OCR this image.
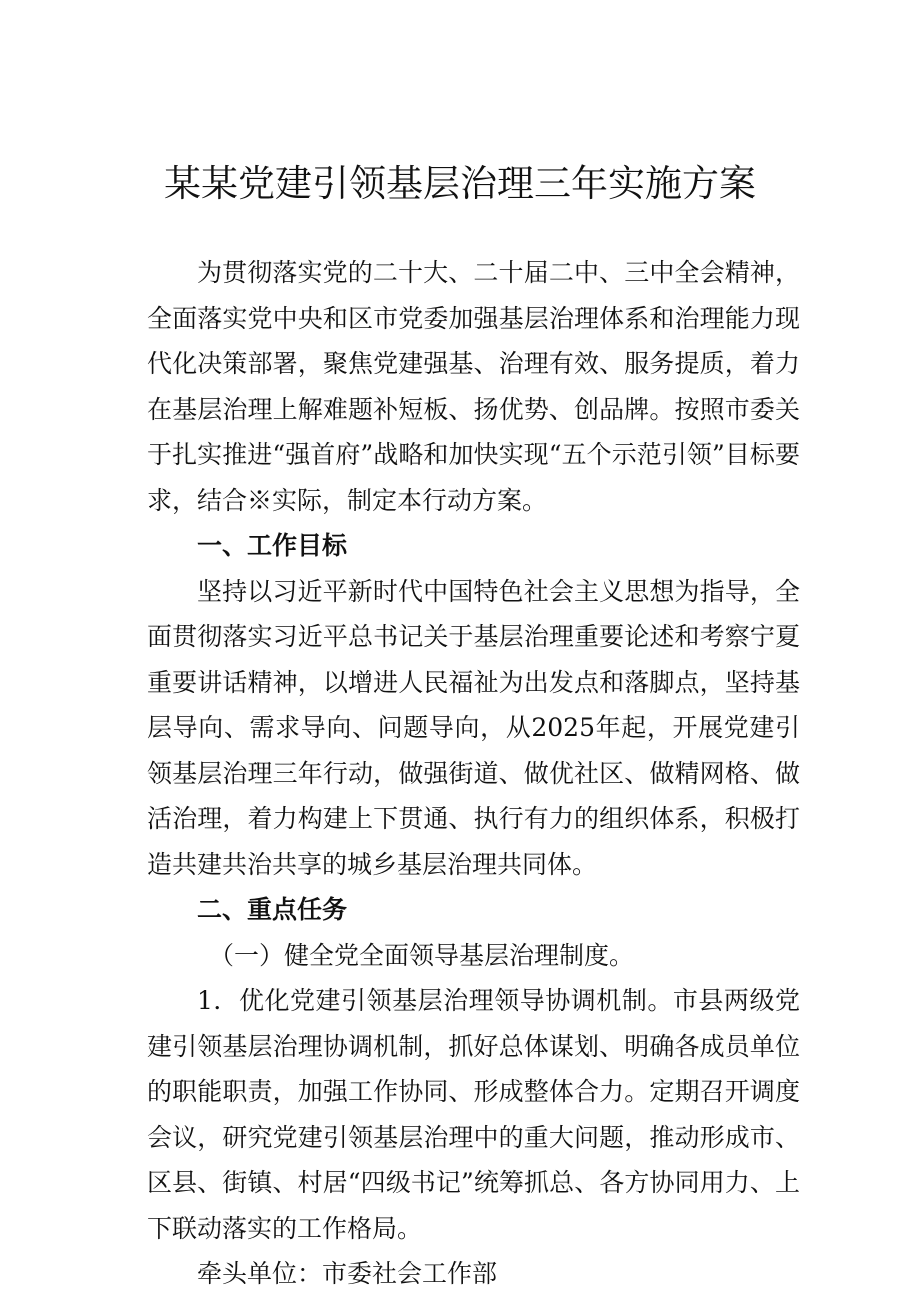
某某党建引领基层治理三年实施方案

为贯彻落实党的二十大、二十届二中、三中全会精神，全面落实党中央和区市党委加强基层治理体系和治理能力现代化决策部署，聚焦党建强基、治理有效、服务提质，着力在基层治理上解难题补短板、扬优势、创品牌。按照市委关于扎实推进“强首府”战略和加快实现“五个示范引领”目标要求，结合※实际，制定本行动方案。

一、工作目标

坚持以习近平新时代中国特色社会主义思想为指导，全面贯彻落实习近平总书记关于基层治理重要论述和考察宁夏重要讲话精神，以增进人民福祉为出发点和落脚点，坚持基层导向、需求导向、问题导向，从2025年起，开展党建引领基层治理三年行动，做强街道、做优社区、做精网格、做活治理，着力构建上下贯通、执行有力的组织体系，积极打造共建共治共享的城乡基层治理共同体。

二、重点任务

（一）健全党全面领导基层治理制度。

1．优化党建引领基层治理领导协调机制。市县两级党建引领基层治理协调机制，抓好总体谋划、明确各成员单位的职能职责，加强工作协同、形成整体合力。定期召开调度会议，研究党建引领基层治理中的重大问题，推动形成市、区县、街镇、村居“四级书记”统筹抓总、各方协同用力、上下联动落实的工作格局。

牵头单位：市委社会工作部
